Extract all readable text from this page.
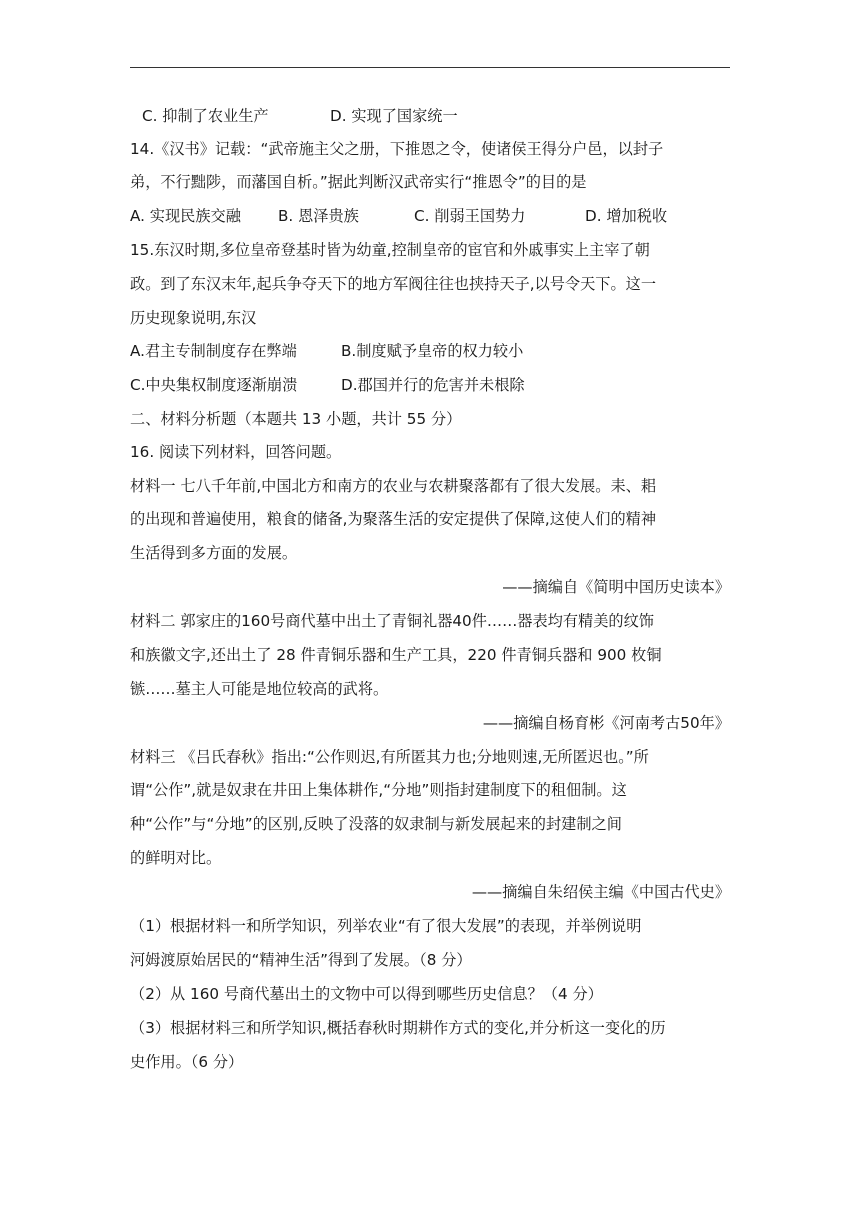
C. 抑制了农业生产	D. 实现了国家统一
14.《汉书》记载：“武帝施主父之册，下推恩之令，使诸侯王得分户邑，以封子
弟，不行黜陟，而藩国自析。”据此判断汉武帝实行“推恩令”的目的是
A. 实现民族交融 B. 恩泽贵族	C. 削弱王国势力	D. 增加税收
15.东汉时期,多位皇帝登基时皆为幼童,控制皇帝的宦官和外戚事实上主宰了朝
政。到了东汉末年,起兵争夺天下的地方军阀往往也挟持天子,以号令天下。这一
历史现象说明,东汉
A.君主专制制度存在弊端	B.制度赋予皇帝的权力较小
C.中央集权制度逐渐崩溃	D.郡国并行的危害并未根除
二、材料分析题（本题共 13 小题，共计 55 分）
16. 阅读下列材料，回答问题。
材料一 七八千年前,中国北方和南方的农业与农耕聚落都有了很大发展。耒、耜
的出现和普遍使用，粮食的储备,为聚落生活的安定提供了保障,这使人们的精神
生活得到多方面的发展。
——摘编自《简明中国历史读本》
材料二 郭家庄的160号商代墓中出土了青铜礼器40件……器表均有精美的纹饰
和族徽文字,还出土了 28 件青铜乐器和生产工具，220 件青铜兵器和 900 枚铜
镞……墓主人可能是地位较高的武将。
——摘编自杨育彬《河南考古50年》
材料三 《吕氏春秋》指出:“公作则迟,有所匿其力也;分地则速,无所匿迟也。”所
谓“公作”,就是奴隶在井田上集体耕作,“分地”则指封建制度下的租佃制。这
种“公作”与“分地”的区别,反映了没落的奴隶制与新发展起来的封建制之间
的鲜明对比。
——摘编自朱绍侯主编《中国古代史》
（1）根据材料一和所学知识，列举农业“有了很大发展”的表现，并举例说明
河姆渡原始居民的“精神生活”得到了发展。（8 分）
（2）从 160 号商代墓出土的文物中可以得到哪些历史信息？（4 分）
（3）根据材料三和所学知识,概括春秋时期耕作方式的变化,并分析这一变化的历
史作用。（6 分）
